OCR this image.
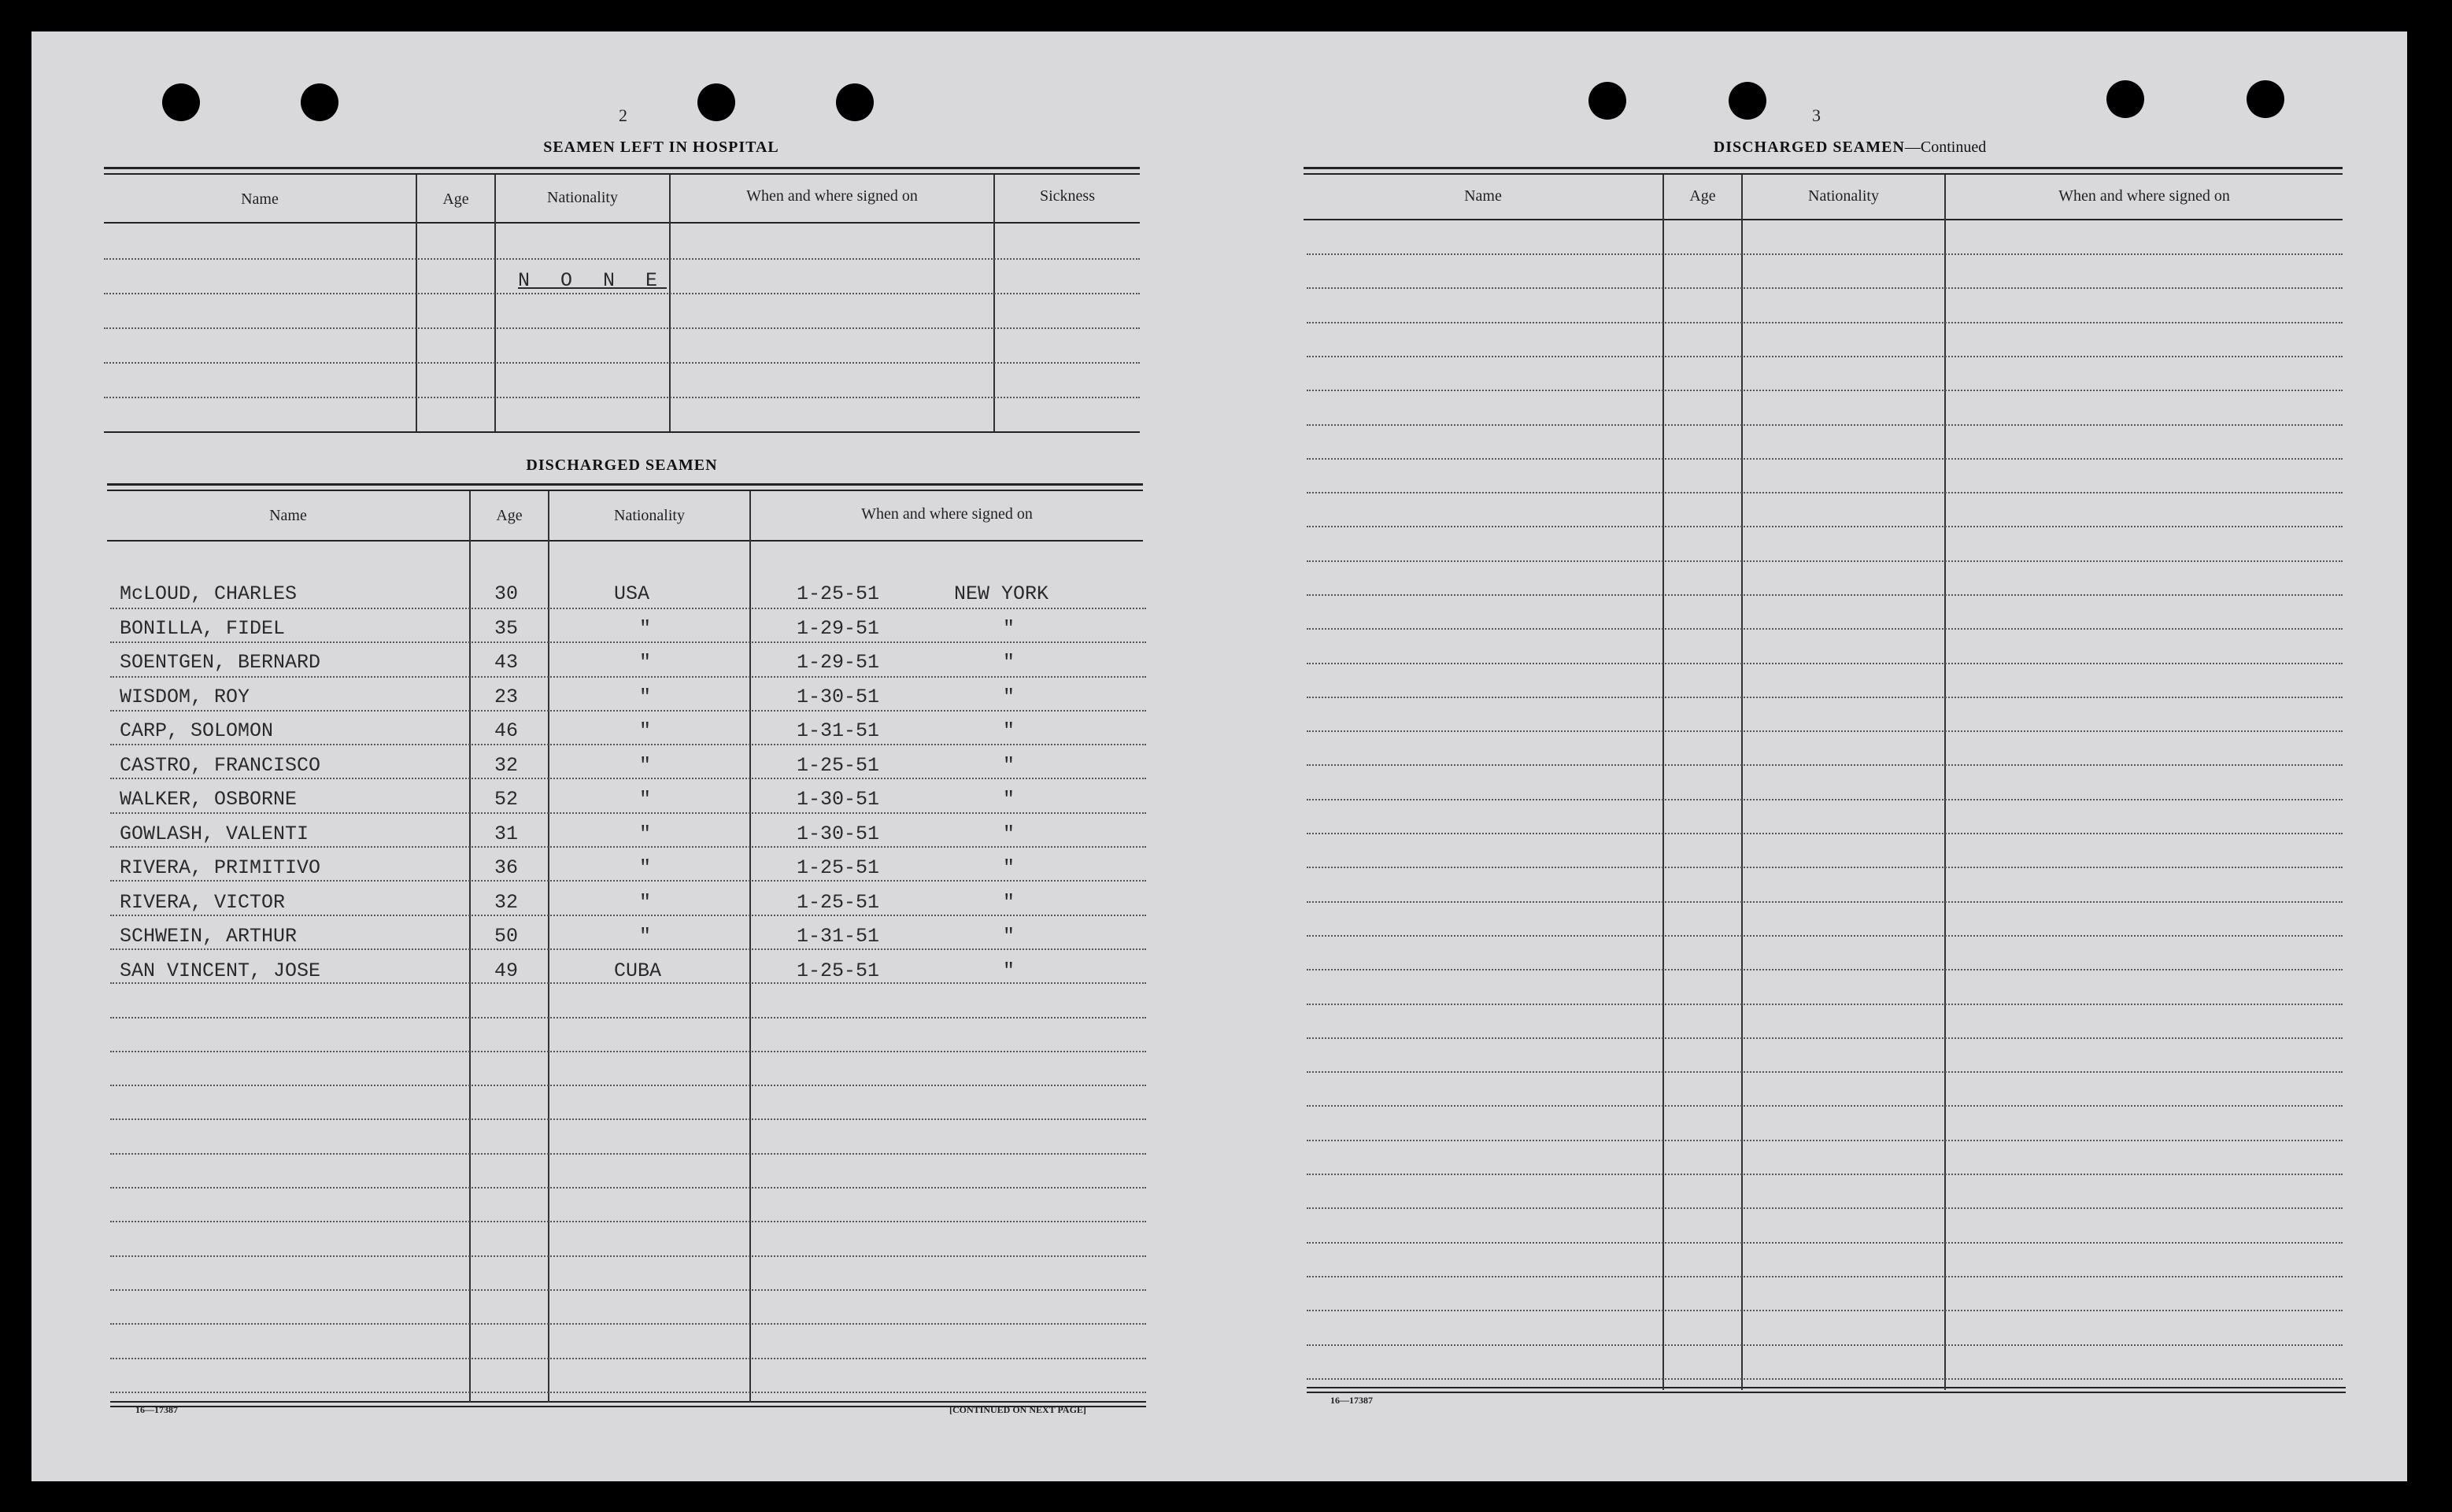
2
SEAMEN LEFT IN HOSPITAL
Name	Age	Nationality	When and where signed on	Sickness
N O N E
DISCHARGED SEAMEN
Name	Age	Nationality	When and where signed on
McLOUD, CHARLES	30	USA	1-25-51	NEW YORK
BONILLA, FIDEL	35	"	1-29-51	"
SOENTGEN, BERNARD	43	"	1-29-51	"
WISDOM, ROY	23	"	1-30-51	"
CARP, SOLOMON	46	"	1-31-51	"
CASTRO, FRANCISCO	32	"	1-25-51	"
WALKER, OSBORNE	52	"	1-30-51	"
GOWLASH, VALENTI	31	"	1-30-51	"
RIVERA, PRIMITIVO	36	"	1-25-51	"
RIVERA, VICTOR	32	"	1-25-51	"
SCHWEIN, ARTHUR	50	"	1-31-51	"
SAN VINCENT, JOSE	49	CUBA	1-25-51	"
16—17387	[CONTINUED ON NEXT PAGE]
3
DISCHARGED SEAMEN—Continued
Name	Age	Nationality	When and where signed on
16—17387
